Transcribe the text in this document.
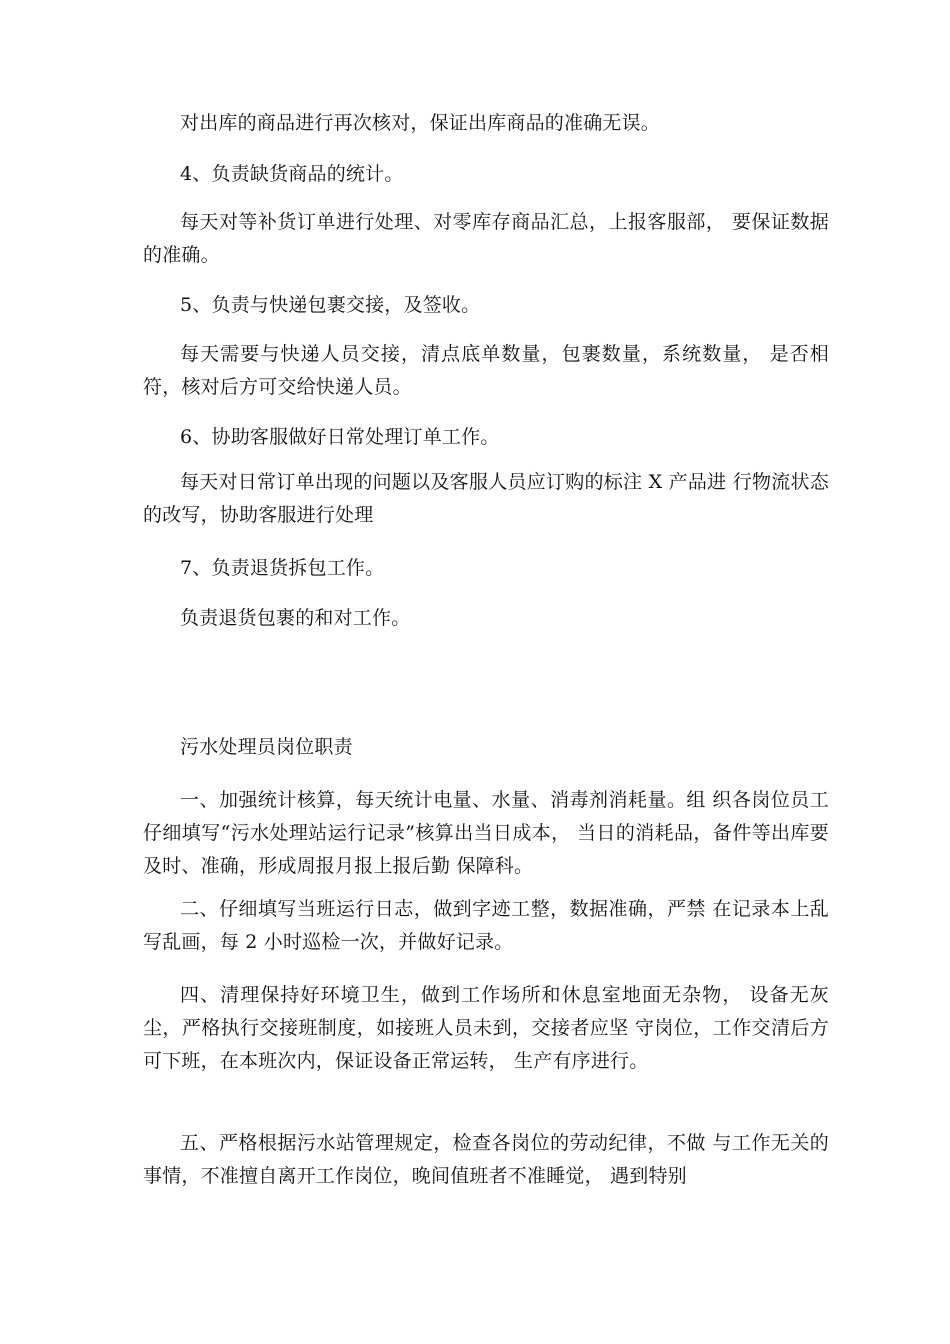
对出库的商品进行再次核对，保证出库商品的准确无误。

4、负责缺货商品的统计。

每天对等补货订单进行处理、对零库存商品汇总，上报客服部， 要保证数据的准确。

5、负责与快递包裹交接，及签收。

每天需要与快递人员交接，清点底单数量，包裹数量，系统数量， 是否相符，核对后方可交给快递人员。

6、协助客服做好日常处理订单工作。

每天对日常订单出现的问题以及客服人员应订购的标注 X 产品进 行物流状态的改写，协助客服进行处理

7、负责退货拆包工作。

负责退货包裹的和对工作。

污水处理员岗位职责

一、加强统计核算，每天统计电量、水量、消毒剂消耗量。组 织各岗位员工仔细填写“污水处理站运行记录”核算出当日成本， 当日的消耗品，备件等出库要及时、准确，形成周报月报上报后勤 保障科。

二、仔细填写当班运行日志，做到字迹工整，数据准确，严禁 在记录本上乱写乱画，每 2 小时巡检一次，并做好记录。

四、清理保持好环境卫生，做到工作场所和休息室地面无杂物， 设备无灰尘，严格执行交接班制度，如接班人员未到，交接者应坚 守岗位，工作交清后方可下班，在本班次内，保证设备正常运转， 生产有序进行。

五、严格根据污水站管理规定，检查各岗位的劳动纪律，不做 与工作无关的事情，不准擅自离开工作岗位，晚间值班者不准睡觉， 遇到特别
